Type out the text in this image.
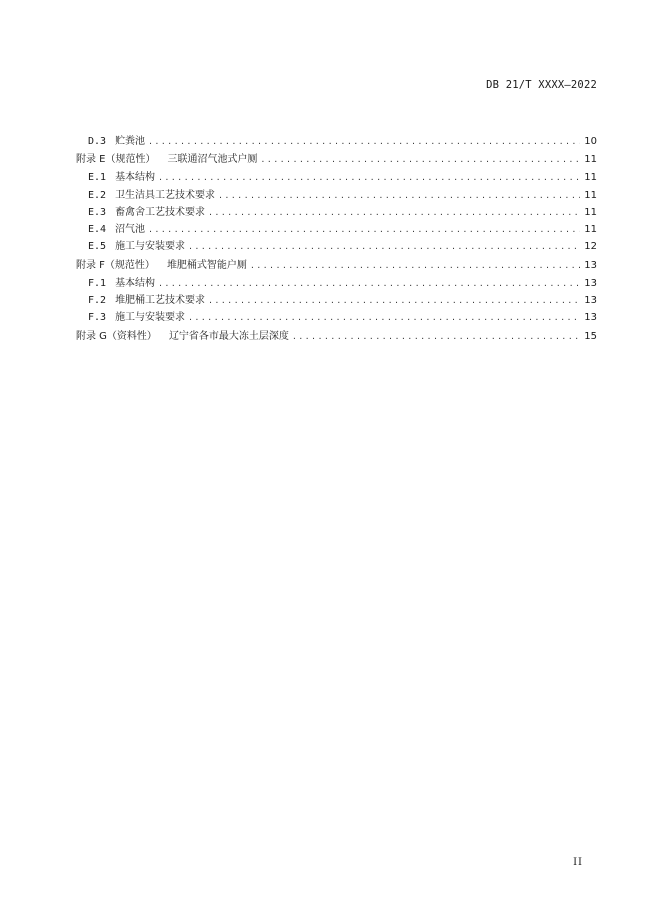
DB 21/T XXXX—2022
D.3 贮粪池 .....	10
附录 E（规范性） 三联通沼气池式户厕 .....	11
E.1 基本结构 .....	11
E.2 卫生洁具工艺技术要求 .....	11
E.3 畜禽舍工艺技术要求 .....	11
E.4 沼气池 .....	11
E.5 施工与安装要求 .....	12
附录 F（规范性） 堆肥桶式智能户厕 .....	13
F.1 基本结构 .....	13
F.2 堆肥桶工艺技术要求 .....	13
F.3 施工与安装要求 .....	13
附录 G（资料性） 辽宁省各市最大冻土层深度 .....	15
II
